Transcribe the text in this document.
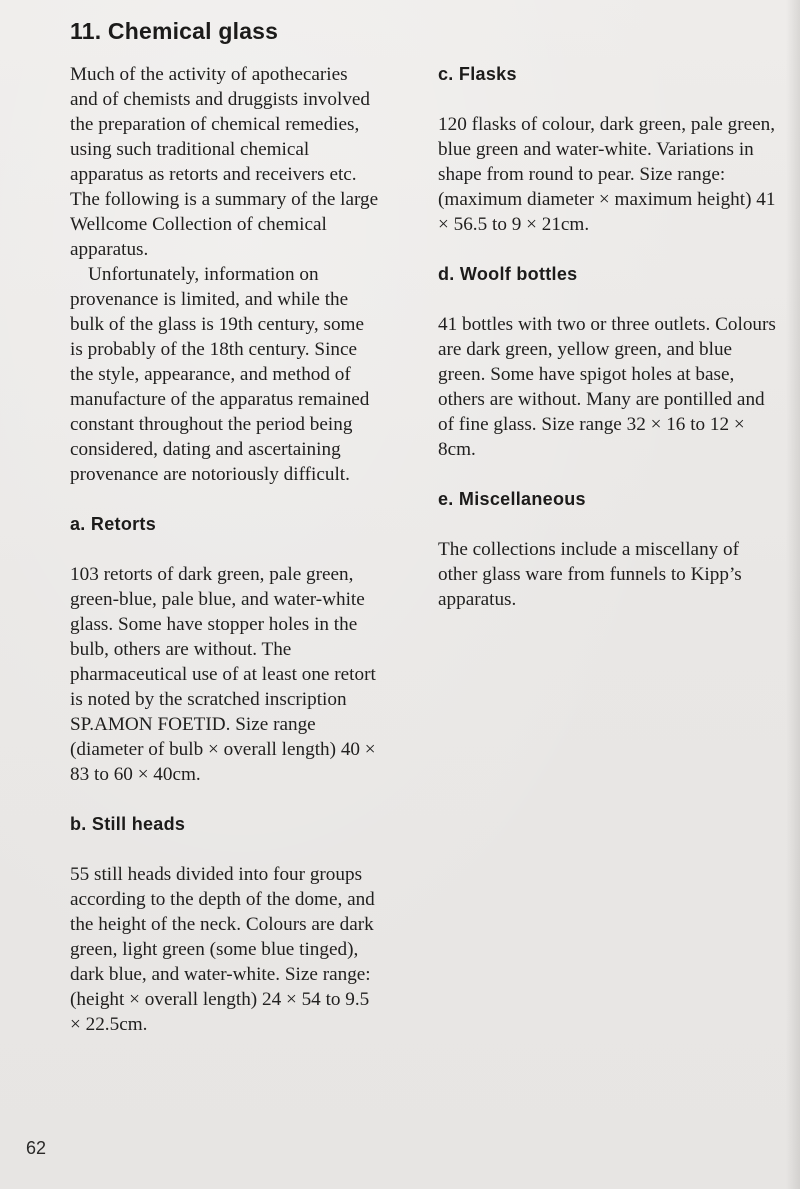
11. Chemical glass

Much of the activity of apothecaries and of chemists and druggists involved the preparation of chemical remedies, using such traditional chemical apparatus as retorts and receivers etc. The following is a summary of the large Wellcome Collection of chemical apparatus.

Unfortunately, information on provenance is limited, and while the bulk of the glass is 19th century, some is probably of the 18th century. Since the style, appearance, and method of manufacture of the apparatus remained constant throughout the period being considered, dating and ascertaining provenance are notoriously difficult.

a. Retorts

103 retorts of dark green, pale green, green-blue, pale blue, and water-white glass. Some have stopper holes in the bulb, others are without. The pharmaceutical use of at least one retort is noted by the scratched inscription SP.AMON FOETID. Size range (diameter of bulb × overall length) 40 × 83 to 60 × 40cm.

b. Still heads

55 still heads divided into four groups according to the depth of the dome, and the height of the neck. Colours are dark green, light green (some blue tinged), dark blue, and water-white. Size range: (height × overall length) 24 × 54 to 9.5 × 22.5cm.

c. Flasks

120 flasks of colour, dark green, pale green, blue green and water-white. Variations in shape from round to pear. Size range: (maximum diameter × maximum height) 41 × 56.5 to 9 × 21cm.

d. Woolf bottles

41 bottles with two or three outlets. Colours are dark green, yellow green, and blue green. Some have spigot holes at base, others are without. Many are pontilled and of fine glass. Size range 32 × 16 to 12 × 8cm.

e. Miscellaneous

The collections include a miscellany of other glass ware from funnels to Kipp’s apparatus.

62
